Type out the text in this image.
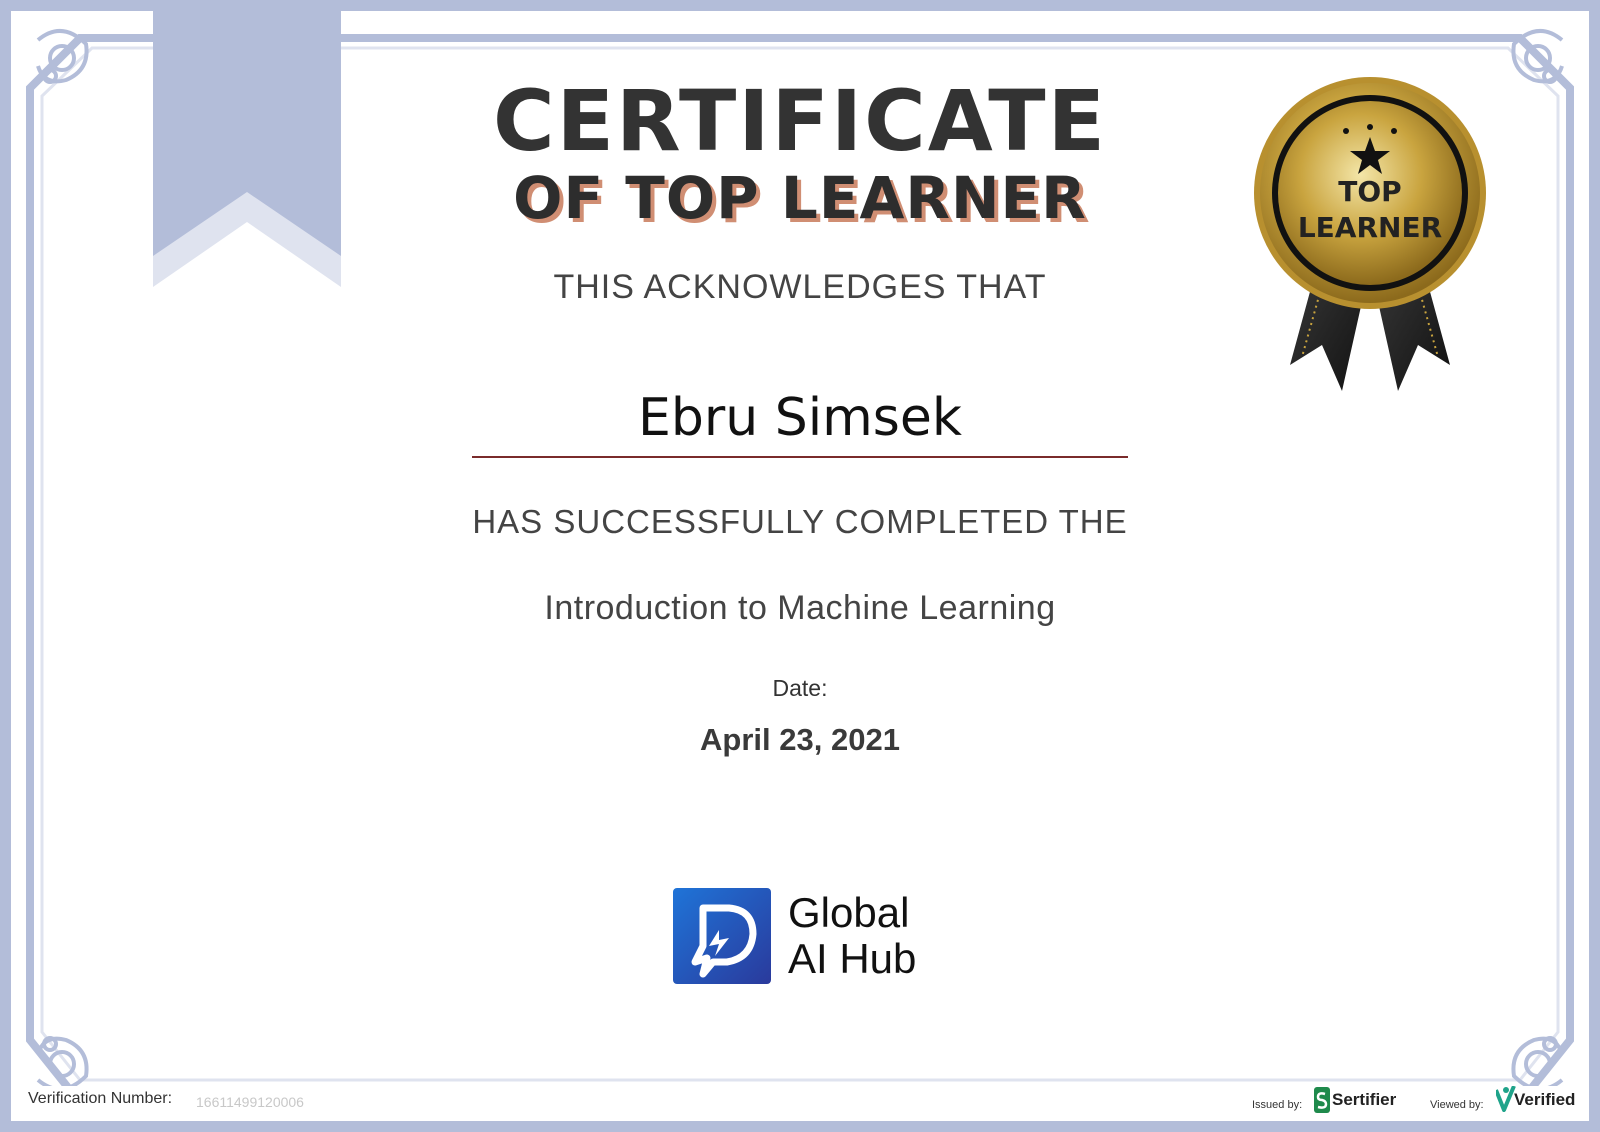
CERTIFICATE
OF TOP LEARNER
THIS ACKNOWLEDGES THAT
Ebru Simsek
HAS SUCCESSFULLY COMPLETED THE
Introduction to Machine Learning
Date:
April 23, 2021
TOP
LEARNER
Global
AI Hub
Verification Number: 16611499120006	Issued by: Sertifier	Viewed by: Verified
